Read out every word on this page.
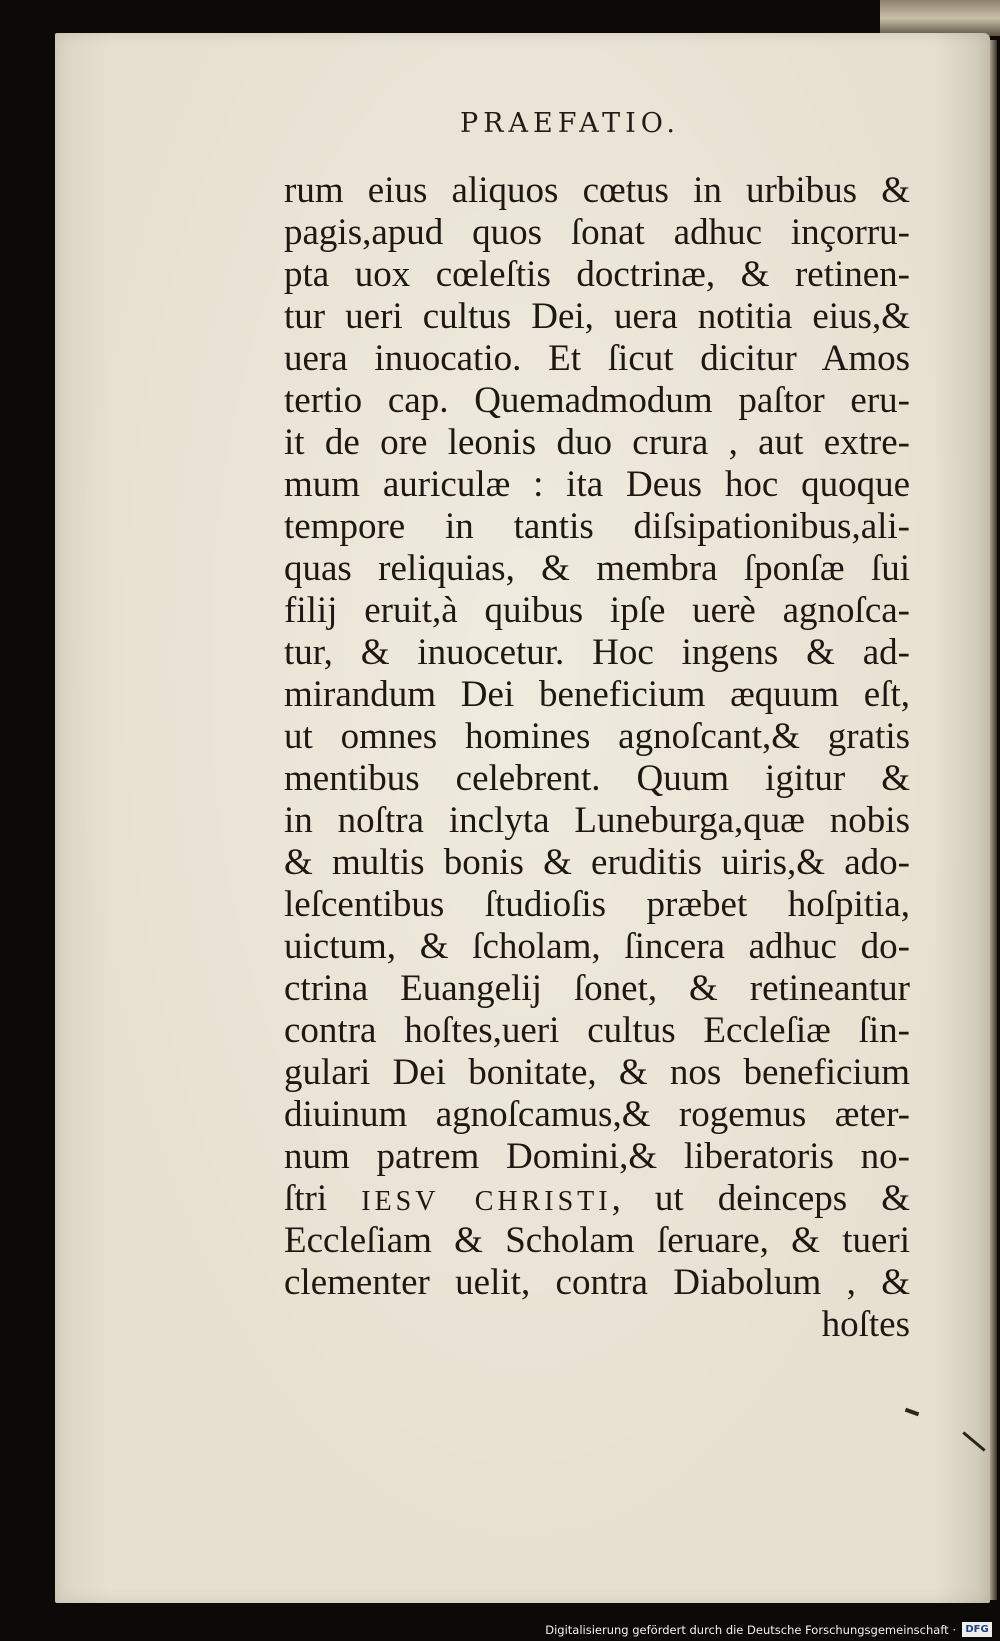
PRAEFATIO.
rum eius aliquos cœtus in urbibus &
pagis,apud quos ſonat adhuc inçorru-
pta uox cœleſtis doctrinæ, & retinen-
tur ueri cultus Dei, uera notitia eius,&
uera inuocatio. Et ſicut dicitur Amos
tertio cap. Quemadmodum paſtor eru-
it de ore leonis duo crura , aut extre-
mum auriculæ : ita Deus hoc quoque
tempore in tantis diſsipationibus,ali-
quas reliquias, & membra ſponſæ ſui
filij eruit,à quibus ipſe uerè agnoſca-
tur, & inuocetur. Hoc ingens & ad-
mirandum Dei beneficium æquum eſt,
ut omnes homines agnoſcant,& gratis
mentibus celebrent. Quum igitur &
in noſtra inclyta Luneburga,quæ nobis
& multis bonis & eruditis uiris,& ado-
leſcentibus ſtudioſis præbet hoſpitia,
uictum, & ſcholam, ſincera adhuc do-
ctrina Euangelij ſonet, & retineantur
contra hoſtes,ueri cultus Eccleſiæ ſin-
gulari Dei bonitate, & nos beneficium
diuinum agnoſcamus,& rogemus æter-
num patrem Domini,& liberatoris no-
ſtri IESV CHRISTI, ut deinceps &
Eccleſiam & Scholam ſeruare, & tueri
clementer uelit, contra Diabolum , &
hoſtes
Digitalisierung gefördert durch die Deutsche Forschungsgemeinschaft · DFG
